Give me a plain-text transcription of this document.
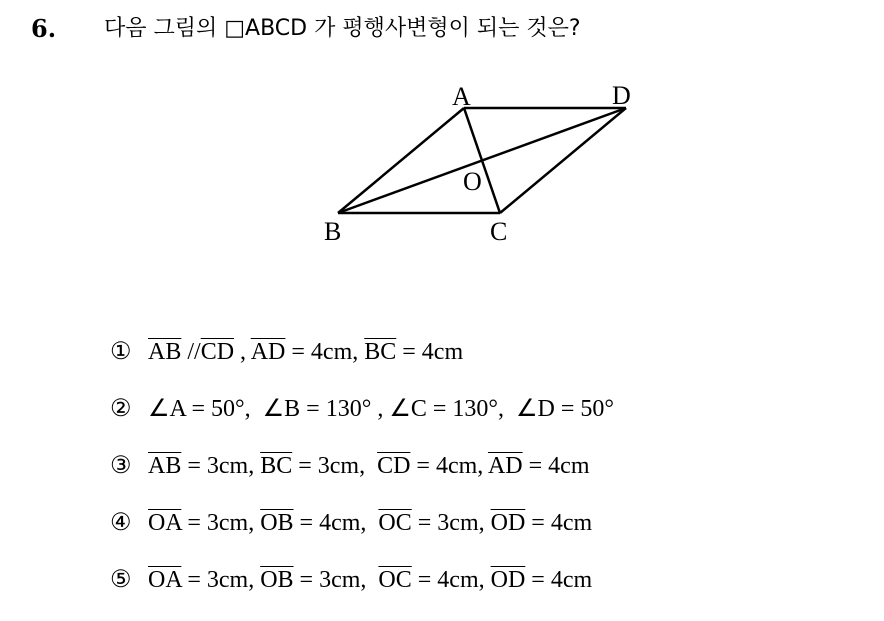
6. 다음 그림의 □ABCD 가 평행사변형이 되는 것은?
A	D
O
B	C
① $\overline{AB}$ $//\overline{CD}$ , $\overline{AD} = 4cm$, $\overline{BC} = 4cm$
② ∠A = 50°,  ∠B = 130° , ∠C = 130°,  ∠D = 50°
③ $\overline{AB} = 3cm$, $\overline{BC} = 3cm$,  $\overline{CD} = 4cm$, $\overline{AD} = 4cm$
④ $\overline{OA} = 3cm$, $\overline{OB} = 4cm$,  $\overline{OC} = 3cm$, $\overline{OD} = 4cm$
⑤ $\overline{OA} = 3cm$, $\overline{OB} = 3cm$,  $\overline{OC} = 4cm$, $\overline{OD} = 4cm$
